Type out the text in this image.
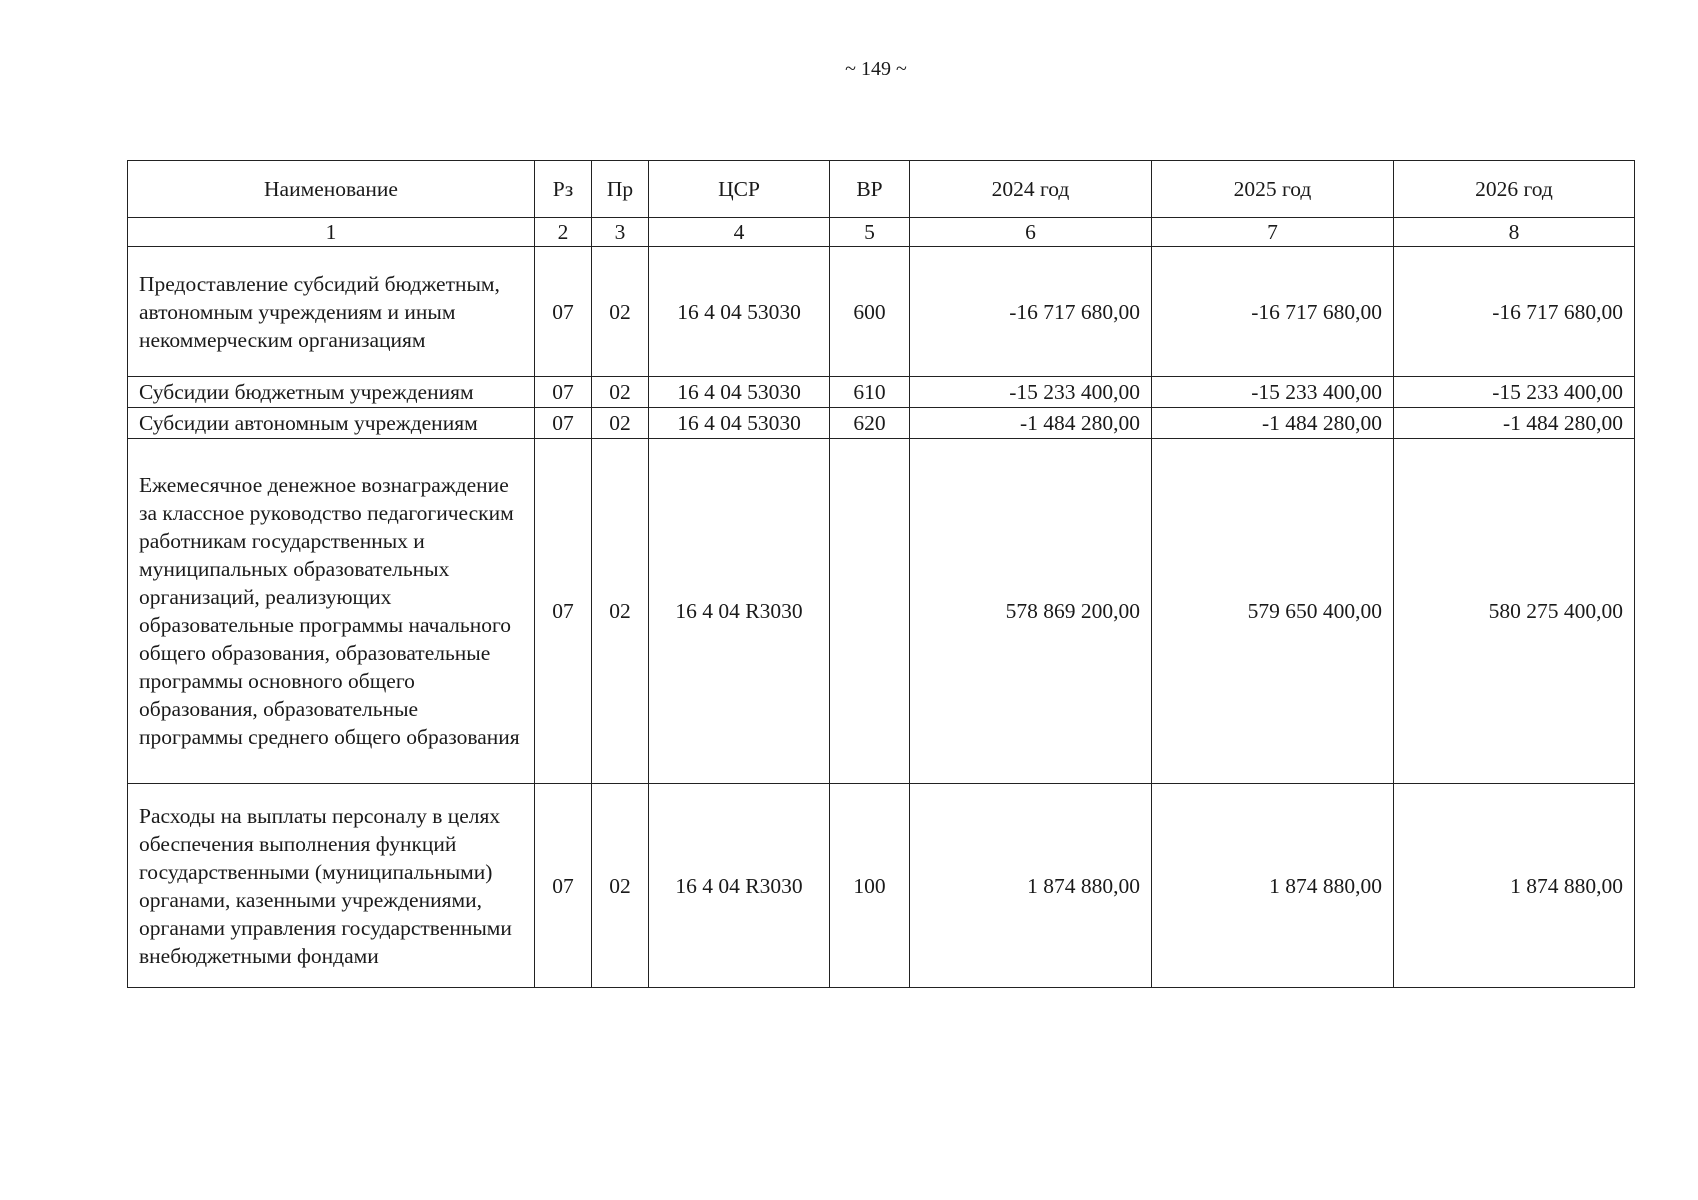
~ 149 ~
Наименование	Рз	Пр	ЦСР	ВР	2024 год	2025 год	2026 год
1	2	3	4	5	6	7	8
Предоставление субсидий бюджетным, автономным учреждениям и иным некоммерческим организациям	07	02	16 4 04 53030	600	-16 717 680,00	-16 717 680,00	-16 717 680,00
Субсидии бюджетным учреждениям	07	02	16 4 04 53030	610	-15 233 400,00	-15 233 400,00	-15 233 400,00
Субсидии автономным учреждениям	07	02	16 4 04 53030	620	-1 484 280,00	-1 484 280,00	-1 484 280,00
Ежемесячное денежное вознаграждение за классное руководство педагогическим работникам государственных и муниципальных образовательных организаций, реализующих образовательные программы начального общего образования, образовательные программы основного общего образования, образовательные программы среднего общего образования	07	02	16 4 04 R3030		578 869 200,00	579 650 400,00	580 275 400,00
Расходы на выплаты персоналу в целях обеспечения выполнения функций государственными (муниципальными) органами, казенными учреждениями, органами управления государственными внебюджетными фондами	07	02	16 4 04 R3030	100	1 874 880,00	1 874 880,00	1 874 880,00
